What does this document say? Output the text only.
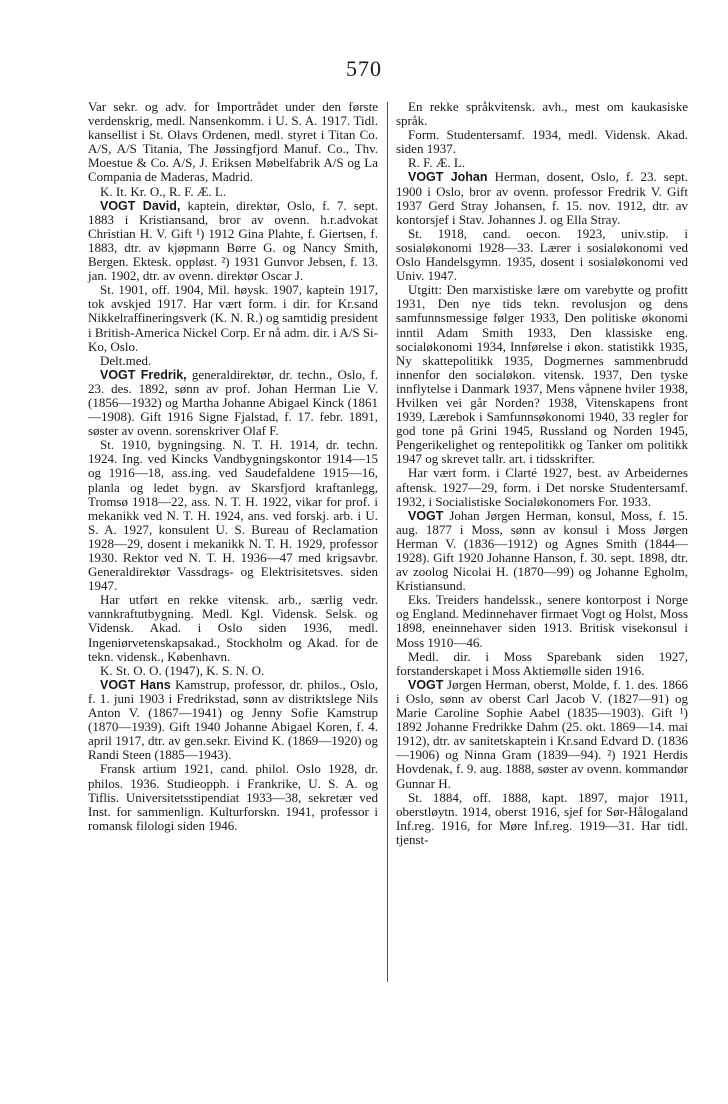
570

Var sekr. og adv. for Importrådet under den første verdenskrig, medl. Nansenkomm. i U. S. A. 1917. Tidl. kansellist i St. Olavs Ordenen, medl. styret i Titan Co. A/S, A/S Titania, The Jøssingfjord Manuf. Co., Thv. Moestue & Co. A/S, J. Eriksen Møbelfabrik A/S og La Compania de Maderas, Madrid.

K. It. Kr. O., R. F. Æ. L.

VOGT David, kaptein, direktør, Oslo, f. 7. sept. 1883 i Kristiansand, bror av ovenn. h.r.advokat Christian H. V. Gift ¹) 1912 Gina Plahte, f. Giertsen, f. 1883, dtr. av kjøpmann Børre G. og Nancy Smith, Bergen. Ektesk. oppløst. ²) 1931 Gunvor Jebsen, f. 13. jan. 1902, dtr. av ovenn. direktør Oscar J.

St. 1901, off. 1904, Mil. høysk. 1907, kaptein 1917, tok avskjed 1917. Har vært form. i dir. for Kr.sand Nikkelraffineringsverk (K. N. R.) og samtidig president i British-America Nickel Corp. Er nå adm. dir. i A/S Si-Ko, Oslo.

Delt.med.

VOGT Fredrik, generaldirektør, dr. techn., Oslo, f. 23. des. 1892, sønn av prof. Johan Herman Lie V. (1856—1932) og Martha Johanne Abigael Kinck (1861—1908). Gift 1916 Signe Fjalstad, f. 17. febr. 1891, søster av ovenn. sorenskriver Olaf F.

St. 1910, bygningsing. N. T. H. 1914, dr. techn. 1924. Ing. ved Kincks Vandbygningskontor 1914—15 og 1916—18, ass.ing. ved Saudefaldene 1915—16, planla og ledet bygn. av Skarsfjord kraftanlegg, Tromsø 1918—22, ass. N. T. H. 1922, vikar for prof. i mekanikk ved N. T. H. 1924, ans. ved forskj. arb. i U. S. A. 1927, konsulent U. S. Bureau of Reclamation 1928—29, dosent i mekanikk N. T. H. 1929, professor 1930. Rektor ved N. T. H. 1936—47 med krigsavbr. Generaldirektør Vassdrags- og Elektrisitetsves. siden 1947.

Har utført en rekke vitensk. arb., særlig vedr. vannkraftutbygning. Medl. Kgl. Vidensk. Selsk. og Vidensk. Akad. i Oslo siden 1936, medl. Ingeniørvetenskapsakad., Stockholm og Akad. for de tekn. vidensk., København.

K. St. O. O. (1947), K. S. N. O.

VOGT Hans Kamstrup, professor, dr. philos., Oslo, f. 1. juni 1903 i Fredrikstad, sønn av distriktslege Nils Anton V. (1867—1941) og Jenny Sofie Kamstrup (1870—1939). Gift 1940 Johanne Abigael Koren, f. 4. april 1917, dtr. av gen.sekr. Eivind K. (1869—1920) og Randi Steen (1885—1943).

Fransk artium 1921, cand. philol. Oslo 1928, dr. philos. 1936. Studieopph. i Frankrike, U. S. A. og Tiflis. Universitetsstipendiat 1933—38, sekretær ved Inst. for sammenlign. Kulturforskn. 1941, professor i romansk filologi siden 1946.

En rekke språkvitensk. avh., mest om kaukasiske språk.

Form. Studentersamf. 1934, medl. Vidensk. Akad. siden 1937.

R. F. Æ. L.

VOGT Johan Herman, dosent, Oslo, f. 23. sept. 1900 i Oslo, bror av ovenn. professor Fredrik V. Gift 1937 Gerd Stray Johansen, f. 15. nov. 1912, dtr. av kontorsjef i Stav. Johannes J. og Ella Stray.

St. 1918, cand. oecon. 1923, univ.stip. i sosialøkonomi 1928—33. Lærer i sosialøkonomi ved Oslo Handelsgymn. 1935, dosent i sosialøkonomi ved Univ. 1947.

Utgitt: Den marxistiske lære om varebytte og profitt 1931, Den nye tids tekn. revolusjon og dens samfunnsmessige følger 1933, Den politiske økonomi inntil Adam Smith 1933, Den klassiske eng. socialøkonomi 1934, Innførelse i økon. statistikk 1935, Ny skattepolitikk 1935, Dogmernes sammenbrudd innenfor den socialøkon. vitensk. 1937, Den tyske innflytelse i Danmark 1937, Mens våpnene hviler 1938, Hvilken vei går Norden? 1938, Vitenskapens front 1939, Lærebok i Samfunnsøkonomi 1940, 33 regler for god tone på Grini 1945, Russland og Norden 1945, Pengerikelighet og rentepolitikk og Tanker om politikk 1947 og skrevet tallr. art. i tidsskrifter.

Har vært form. i Clarté 1927, best. av Arbeidernes aftensk. 1927—29, form. i Det norske Studentersamf. 1932, i Socialistiske Socialøkonomers For. 1933.

VOGT Johan Jørgen Herman, konsul, Moss, f. 15. aug. 1877 i Moss, sønn av konsul i Moss Jørgen Herman V. (1836—1912) og Agnes Smith (1844—1928). Gift 1920 Johanne Hanson, f. 30. sept. 1898, dtr. av zoolog Nicolai H. (1870—99) og Johanne Egholm, Kristiansund.

Eks. Treiders handelssk., senere kontorpost i Norge og England. Medinnehaver firmaet Vogt og Holst, Moss 1898, eneinnehaver siden 1913. Britisk visekonsul i Moss 1910—46.

Medl. dir. i Moss Sparebank siden 1927, forstanderskapet i Moss Aktiemølle siden 1916.

VOGT Jørgen Herman, oberst, Molde, f. 1. des. 1866 i Oslo, sønn av oberst Carl Jacob V. (1827—91) og Marie Caroline Sophie Aabel (1835—1903). Gift ¹) 1892 Johanne Fredrikke Dahm (25. okt. 1869—14. mai 1912), dtr. av sanitetskaptein i Kr.sand Edvard D. (1836—1906) og Ninna Gram (1839—94). ²) 1921 Herdis Hovdenak, f. 9. aug. 1888, søster av ovenn. kommandør Gunnar H.

St. 1884, off. 1888, kapt. 1897, major 1911, oberstløytn. 1914, oberst 1916, sjef for Sør-Hålogaland Inf.reg. 1916, for Møre Inf.reg. 1919—31. Har tidl. tjenst-
